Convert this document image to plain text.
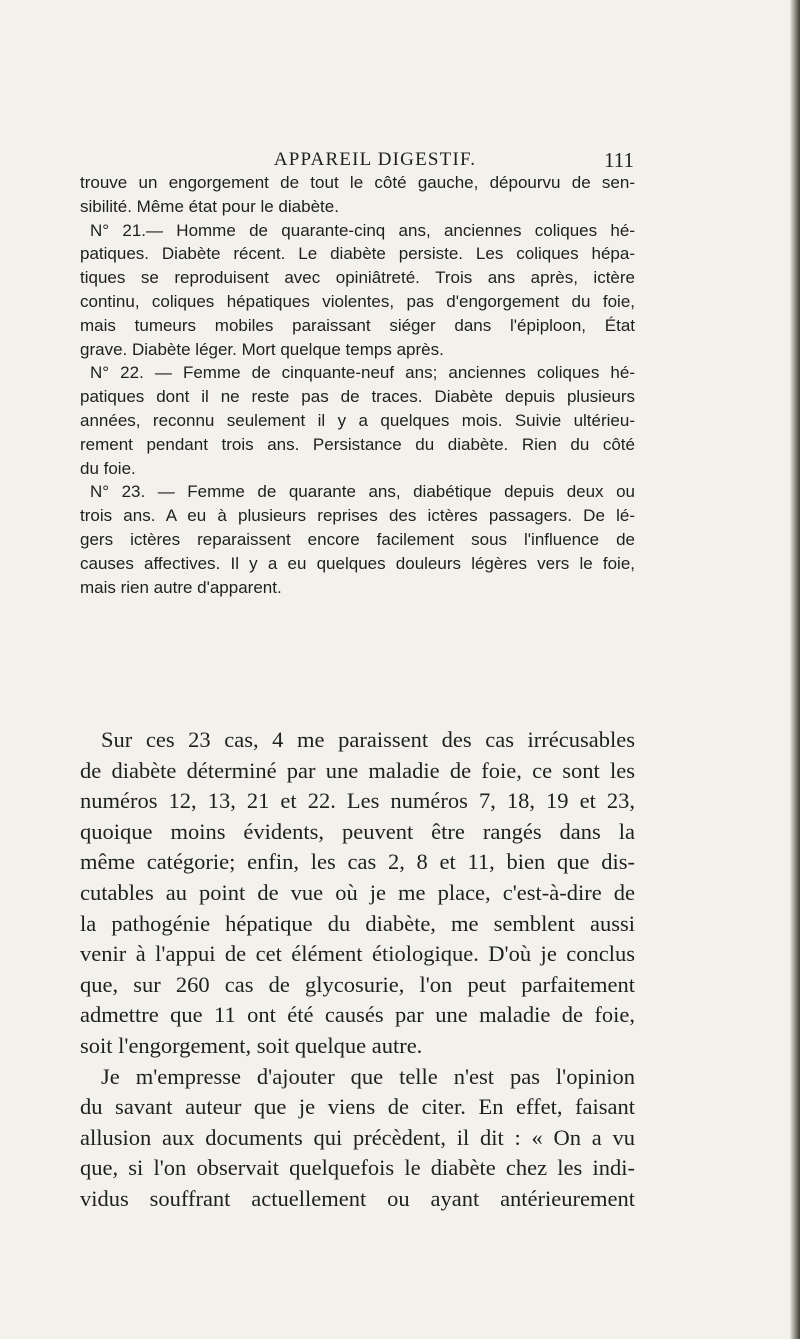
APPAREIL DIGESTIF.	111
trouve un engorgement de tout le côté gauche, dépourvu de sen-
sibilité. Même état pour le diabète.
N° 21.— Homme de quarante-cinq ans, anciennes coliques hé-
patiques. Diabète récent. Le diabète persiste. Les coliques hépa-
tiques se reproduisent avec opiniâtreté. Trois ans après, ictère
continu, coliques hépatiques violentes, pas d'engorgement du foie,
mais tumeurs mobiles paraissant siéger dans l'épiploon, État
grave. Diabète léger. Mort quelque temps après.
N° 22. — Femme de cinquante-neuf ans; anciennes coliques hé-
patiques dont il ne reste pas de traces. Diabète depuis plusieurs
années, reconnu seulement il y a quelques mois. Suivie ultérieu-
rement pendant trois ans. Persistance du diabète. Rien du côté
du foie.
N° 23. — Femme de quarante ans, diabétique depuis deux ou
trois ans. A eu à plusieurs reprises des ictères passagers. De lé-
gers ictères reparaissent encore facilement sous l'influence de
causes affectives. Il y a eu quelques douleurs légères vers le foie,
mais rien autre d'apparent.
Sur ces 23 cas, 4 me paraissent des cas irrécusables
de diabète déterminé par une maladie de foie, ce sont les
numéros 12, 13, 21 et 22. Les numéros 7, 18, 19 et 23,
quoique moins évidents, peuvent être rangés dans la
même catégorie; enfin, les cas 2, 8 et 11, bien que dis-
cutables au point de vue où je me place, c'est-à-dire de
la pathogénie hépatique du diabète, me semblent aussi
venir à l'appui de cet élément étiologique. D'où je conclus
que, sur 260 cas de glycosurie, l'on peut parfaitement
admettre que 11 ont été causés par une maladie de foie,
soit l'engorgement, soit quelque autre.
Je m'empresse d'ajouter que telle n'est pas l'opinion
du savant auteur que je viens de citer. En effet, faisant
allusion aux documents qui précèdent, il dit : « On a vu
que, si l'on observait quelquefois le diabète chez les indi-
vidus souffrant actuellement ou ayant antérieurement
